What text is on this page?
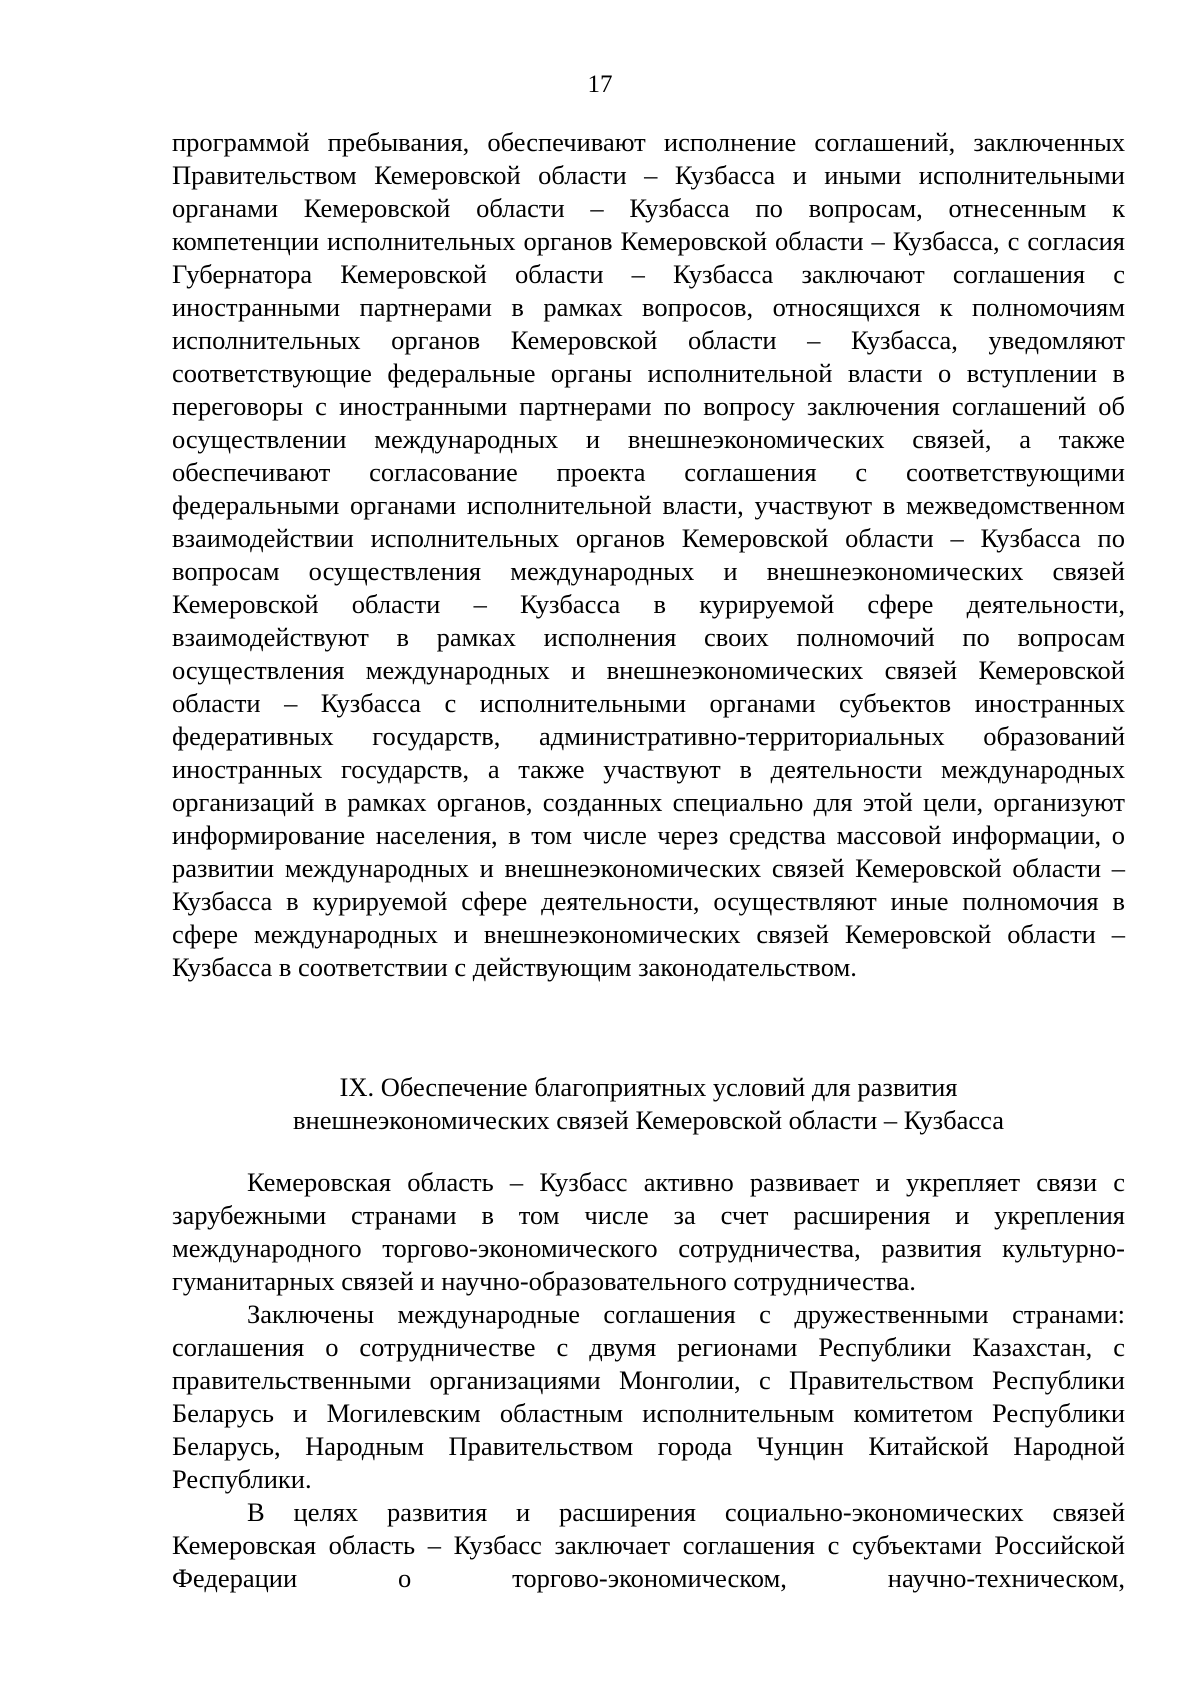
17
программой пребывания, обеспечивают исполнение соглашений, заключенных Правительством Кемеровской области – Кузбасса и иными исполнительными органами Кемеровской области – Кузбасса по вопросам, отнесенным к компетенции исполнительных органов Кемеровской области – Кузбасса, с согласия Губернатора Кемеровской области – Кузбасса заключают соглашения с иностранными партнерами в рамках вопросов, относящихся к полномочиям исполнительных органов Кемеровской области – Кузбасса, уведомляют соответствующие федеральные органы исполнительной власти о вступлении в переговоры с иностранными партнерами по вопросу заключения соглашений об осуществлении международных и внешнеэкономических связей, а также обеспечивают согласование проекта соглашения с соответствующими федеральными органами исполнительной власти, участвуют в межведомственном взаимодействии исполнительных органов Кемеровской области – Кузбасса по вопросам осуществления международных и внешнеэкономических связей Кемеровской области – Кузбасса в курируемой сфере деятельности, взаимодействуют в рамках исполнения своих полномочий по вопросам осуществления международных и внешнеэкономических связей Кемеровской области – Кузбасса с исполнительными органами субъектов иностранных федеративных государств, административно-территориальных образований иностранных государств, а также участвуют в деятельности международных организаций в рамках органов, созданных специально для этой цели, организуют информирование населения, в том числе через средства массовой информации, о развитии международных и внешнеэкономических связей Кемеровской области – Кузбасса в курируемой сфере деятельности, осуществляют иные полномочия в сфере международных и внешнеэкономических связей Кемеровской области – Кузбасса в соответствии с действующим законодательством.
IX. Обеспечение благоприятных условий для развития
внешнеэкономических связей Кемеровской области – Кузбасса

Кемеровская область – Кузбасс активно развивает и укрепляет связи с зарубежными странами в том числе за счет расширения и укрепления международного торгово-экономического сотрудничества, развития культурно-гуманитарных связей и научно-образовательного сотрудничества.

Заключены международные соглашения с дружественными странами: соглашения о сотрудничестве с двумя регионами Республики Казахстан, с правительственными организациями Монголии, с Правительством Республики Беларусь и Могилевским областным исполнительным комитетом Республики Беларусь, Народным Правительством города Чунцин Китайской Народной Республики.

В целях развития и расширения социально-экономических связей Кемеровская область – Кузбасс заключает соглашения с субъектами Российской Федерации о торгово-экономическом, научно-техническом,
